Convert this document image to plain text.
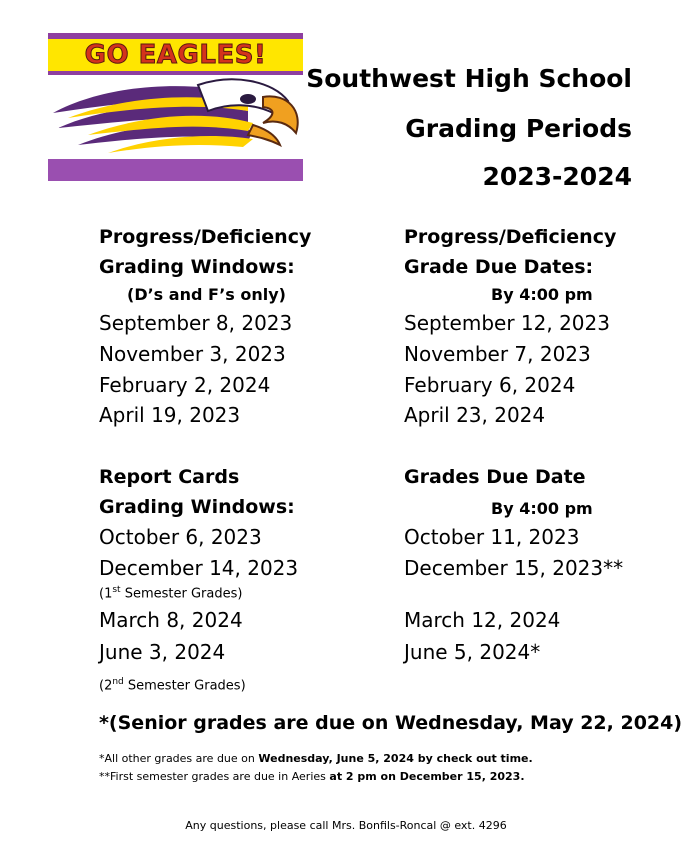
GO EAGLES!
Southwest High School
Grading Periods
2023-2024
Progress/Deficiency
Grading Windows:
(D’s and F’s only)
September 8, 2023
November 3, 2023
February 2, 2024
April 19, 2023
Progress/Deficiency
Grade Due Dates:
By 4:00 pm
September 12, 2023
November 7, 2023
February 6, 2024
April 23, 2024
Report Cards
Grading Windows:
October 6, 2023
December 14, 2023
(1st Semester Grades)
March 8, 2024
June 3, 2024
(2nd Semester Grades)
Grades Due Date
By 4:00 pm
October 11, 2023
December 15, 2023**
March 12, 2024
June 5, 2024*
*(Senior grades are due on Wednesday, May 22, 2024)
*All other grades are due on Wednesday, June 5, 2024 by check out time.
**First semester grades are due in Aeries at 2 pm on December 15, 2023.
Any questions, please call Mrs. Bonfils-Roncal @ ext. 4296
